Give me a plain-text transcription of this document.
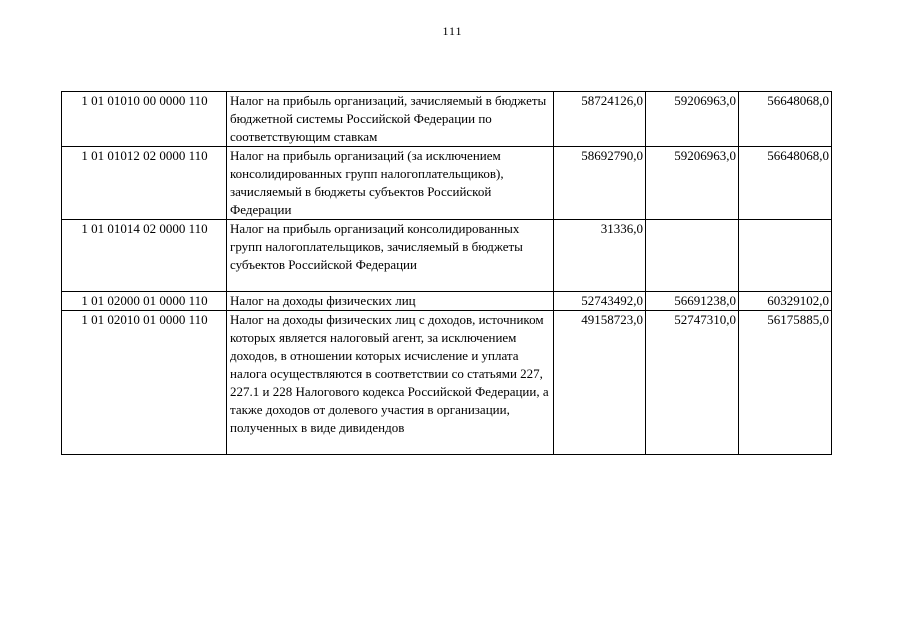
111
1 01 01010 00 0000 110	Налог на прибыль организаций, зачисляемый в бюджеты бюджетной системы Российской Федерации по соответствующим ставкам	58724126,0	59206963,0	56648068,0
1 01 01012 02 0000 110	Налог на прибыль организаций (за исключением консолидированных групп налогоплательщиков), зачисляемый в бюджеты субъектов Российской Федерации	58692790,0	59206963,0	56648068,0
1 01 01014 02 0000 110	Налог на прибыль организаций консолидированных групп налогоплательщиков, зачисляемый в бюджеты субъектов Российской Федерации	31336,0		
1 01 02000 01 0000 110	Налог на доходы физических лиц	52743492,0	56691238,0	60329102,0
1 01 02010 01 0000 110	Налог на доходы физических лиц с доходов, источником которых является налоговый агент, за исключением доходов, в отношении которых исчисление и уплата налога осуществляются в соответствии со статьями 227, 227.1 и 228 Налогового кодекса Российской Федерации, а также доходов от долевого участия в организации, полученных в виде дивидендов	49158723,0	52747310,0	56175885,0
